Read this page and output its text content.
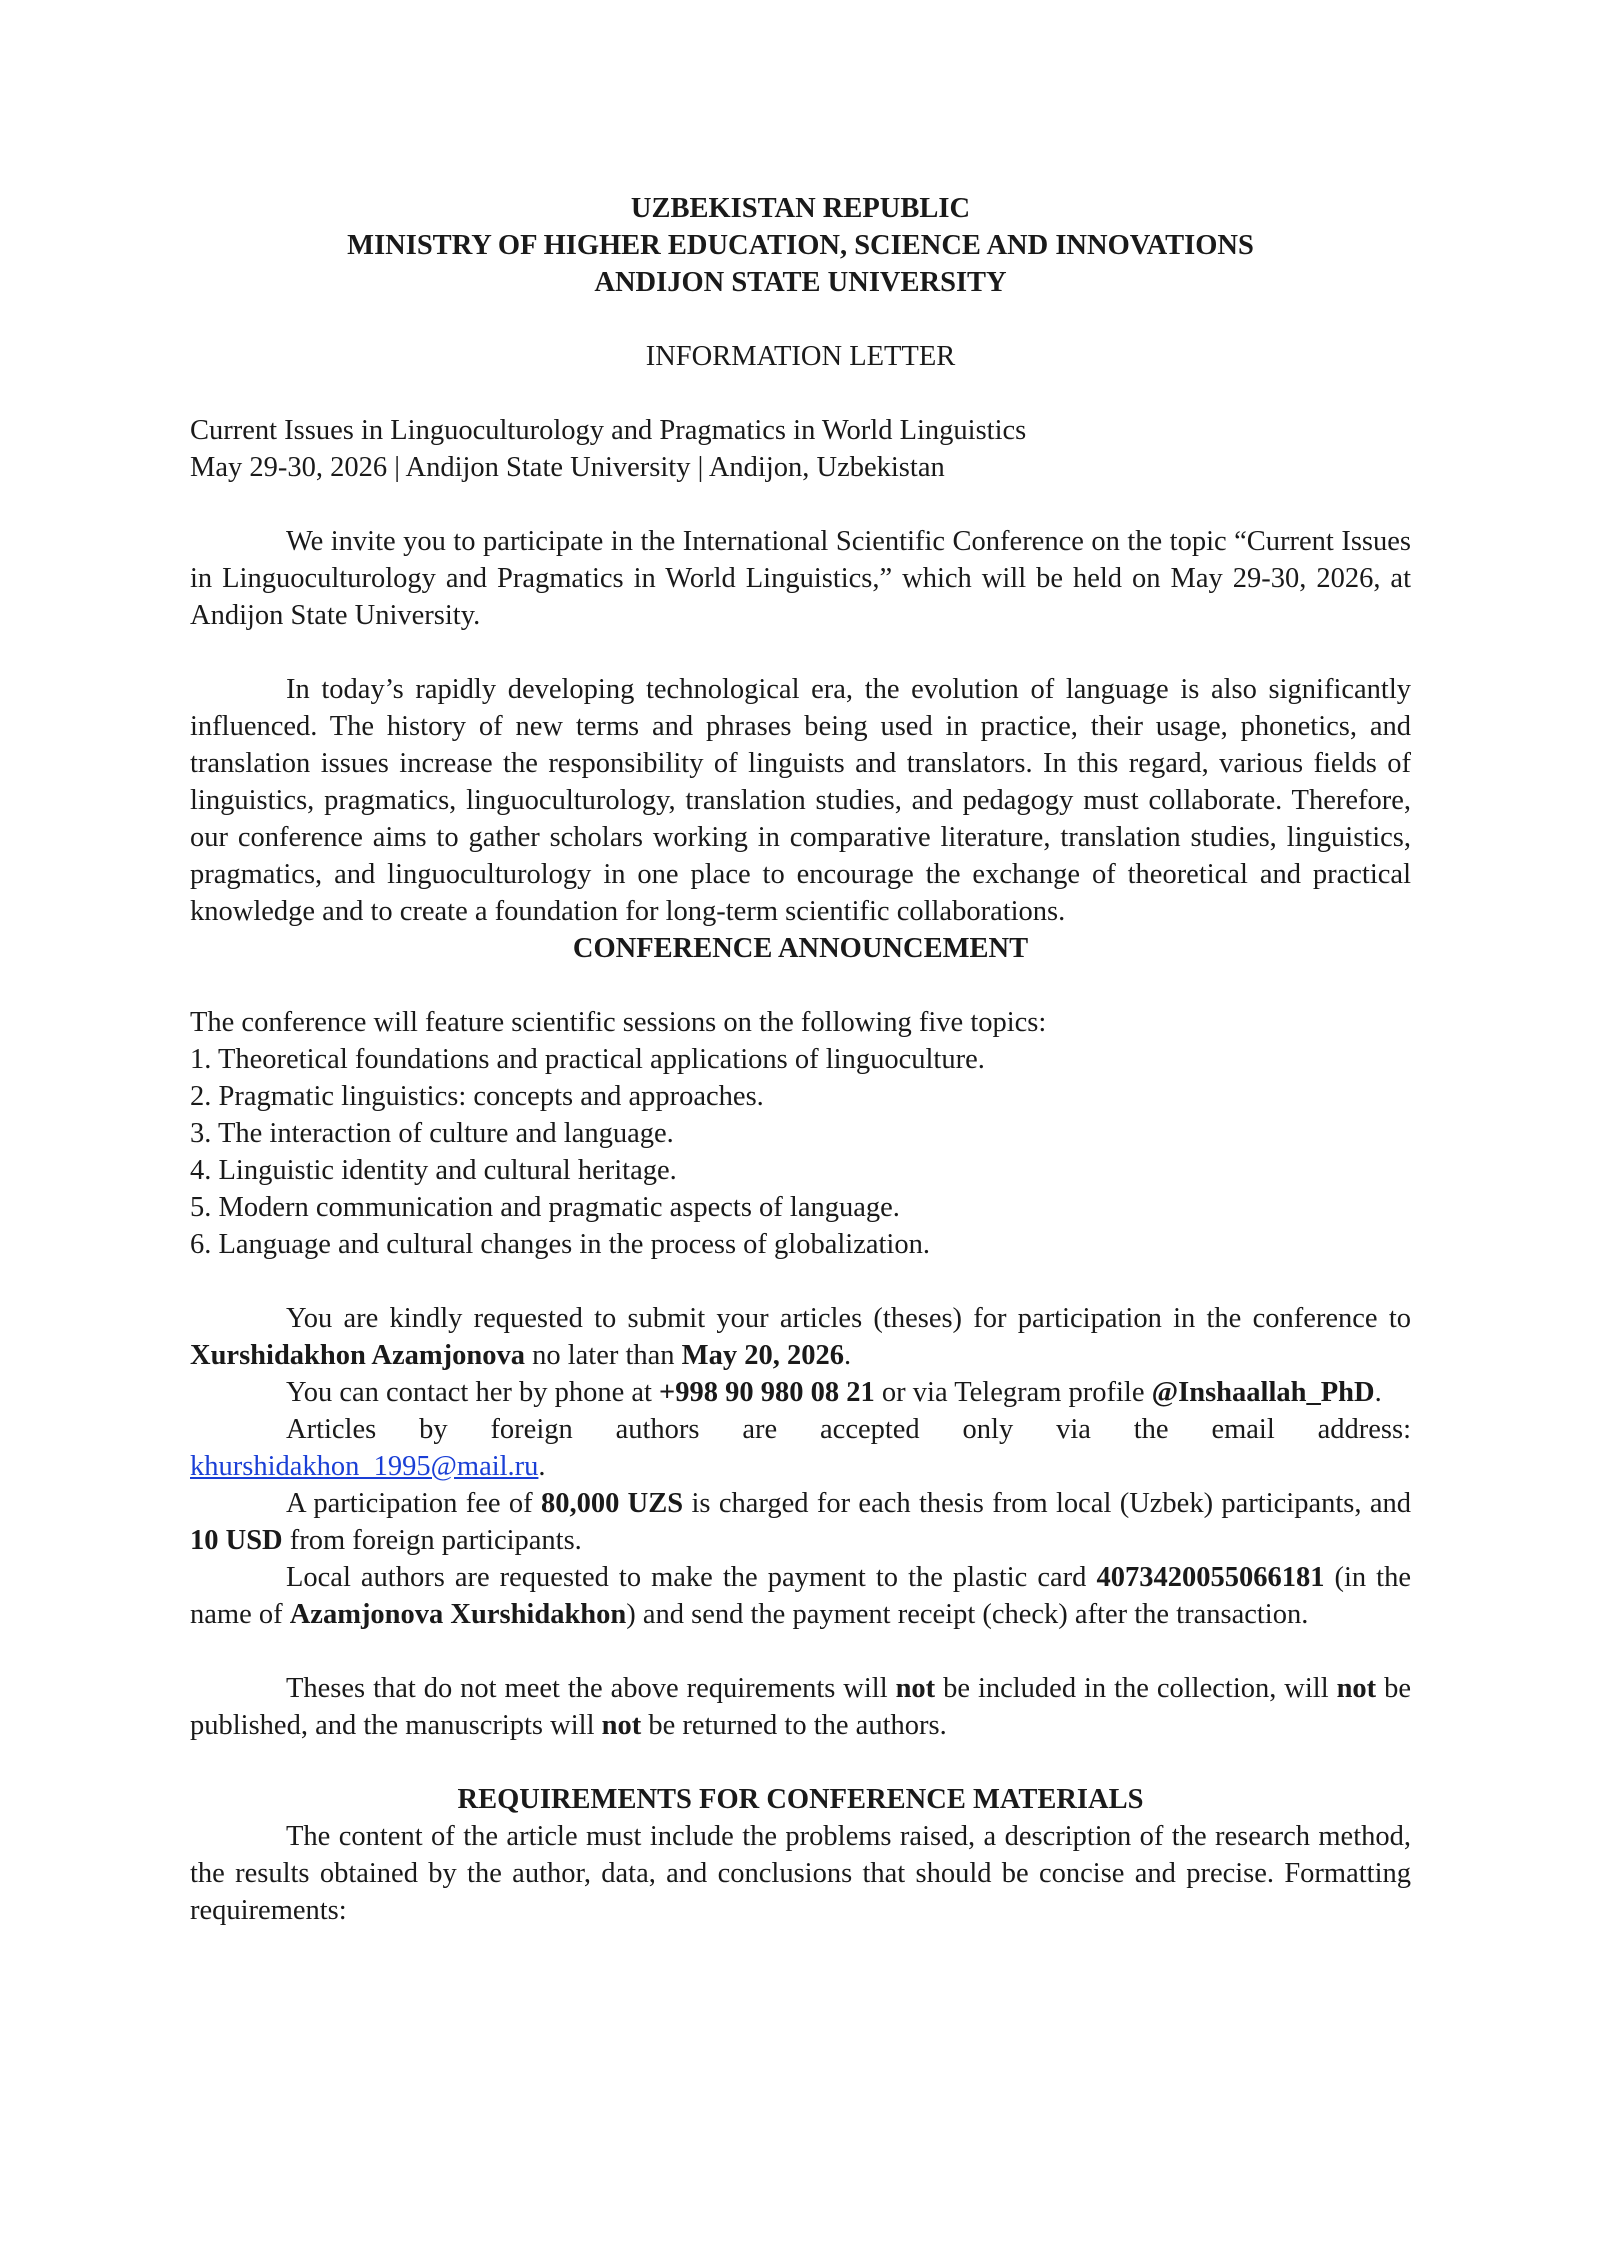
UZBEKISTAN REPUBLIC

MINISTRY OF HIGHER EDUCATION, SCIENCE AND INNOVATIONS

ANDIJON STATE UNIVERSITY

INFORMATION LETTER

Current Issues in Linguoculturology and Pragmatics in World Linguistics

May 29-30, 2026 | Andijon State University | Andijon, Uzbekistan

We invite you to participate in the International Scientific Conference on the topic “Current Issues in Linguoculturology and Pragmatics in World Linguistics,” which will be held on May 29-30, 2026, at Andijon State University.

In today’s rapidly developing technological era, the evolution of language is also significantly influenced. The history of new terms and phrases being used in practice, their usage, phonetics, and translation issues increase the responsibility of linguists and translators. In this regard, various fields of linguistics, pragmatics, linguoculturology, translation studies, and pedagogy must collaborate. Therefore, our conference aims to gather scholars working in comparative literature, translation studies, linguistics, pragmatics, and linguoculturology in one place to encourage the exchange of theoretical and practical knowledge and to create a foundation for long-term scientific collaborations.

CONFERENCE ANNOUNCEMENT

The conference will feature scientific sessions on the following five topics:

1. Theoretical foundations and practical applications of linguoculture.

2. Pragmatic linguistics: concepts and approaches.

3. The interaction of culture and language.

4. Linguistic identity and cultural heritage.

5. Modern communication and pragmatic aspects of language.

6. Language and cultural changes in the process of globalization.

You are kindly requested to submit your articles (theses) for participation in the conference to Xurshidakhon Azamjonova no later than May 20, 2026.

You can contact her by phone at +998 90 980 08 21 or via Telegram profile @Inshaallah_PhD.

Articles by foreign authors are accepted only via the email address:

khurshidakhon_1995@mail.ru.

A participation fee of 80,000 UZS is charged for each thesis from local (Uzbek) participants, and 10 USD from foreign participants.

Local authors are requested to make the payment to the plastic card 4073420055066181 (in the name of Azamjonova Xurshidakhon) and send the payment receipt (check) after the transaction.

Theses that do not meet the above requirements will not be included in the collection, will not be published, and the manuscripts will not be returned to the authors.

REQUIREMENTS FOR CONFERENCE MATERIALS

The content of the article must include the problems raised, a description of the research method, the results obtained by the author, data, and conclusions that should be concise and precise. Formatting requirements:
